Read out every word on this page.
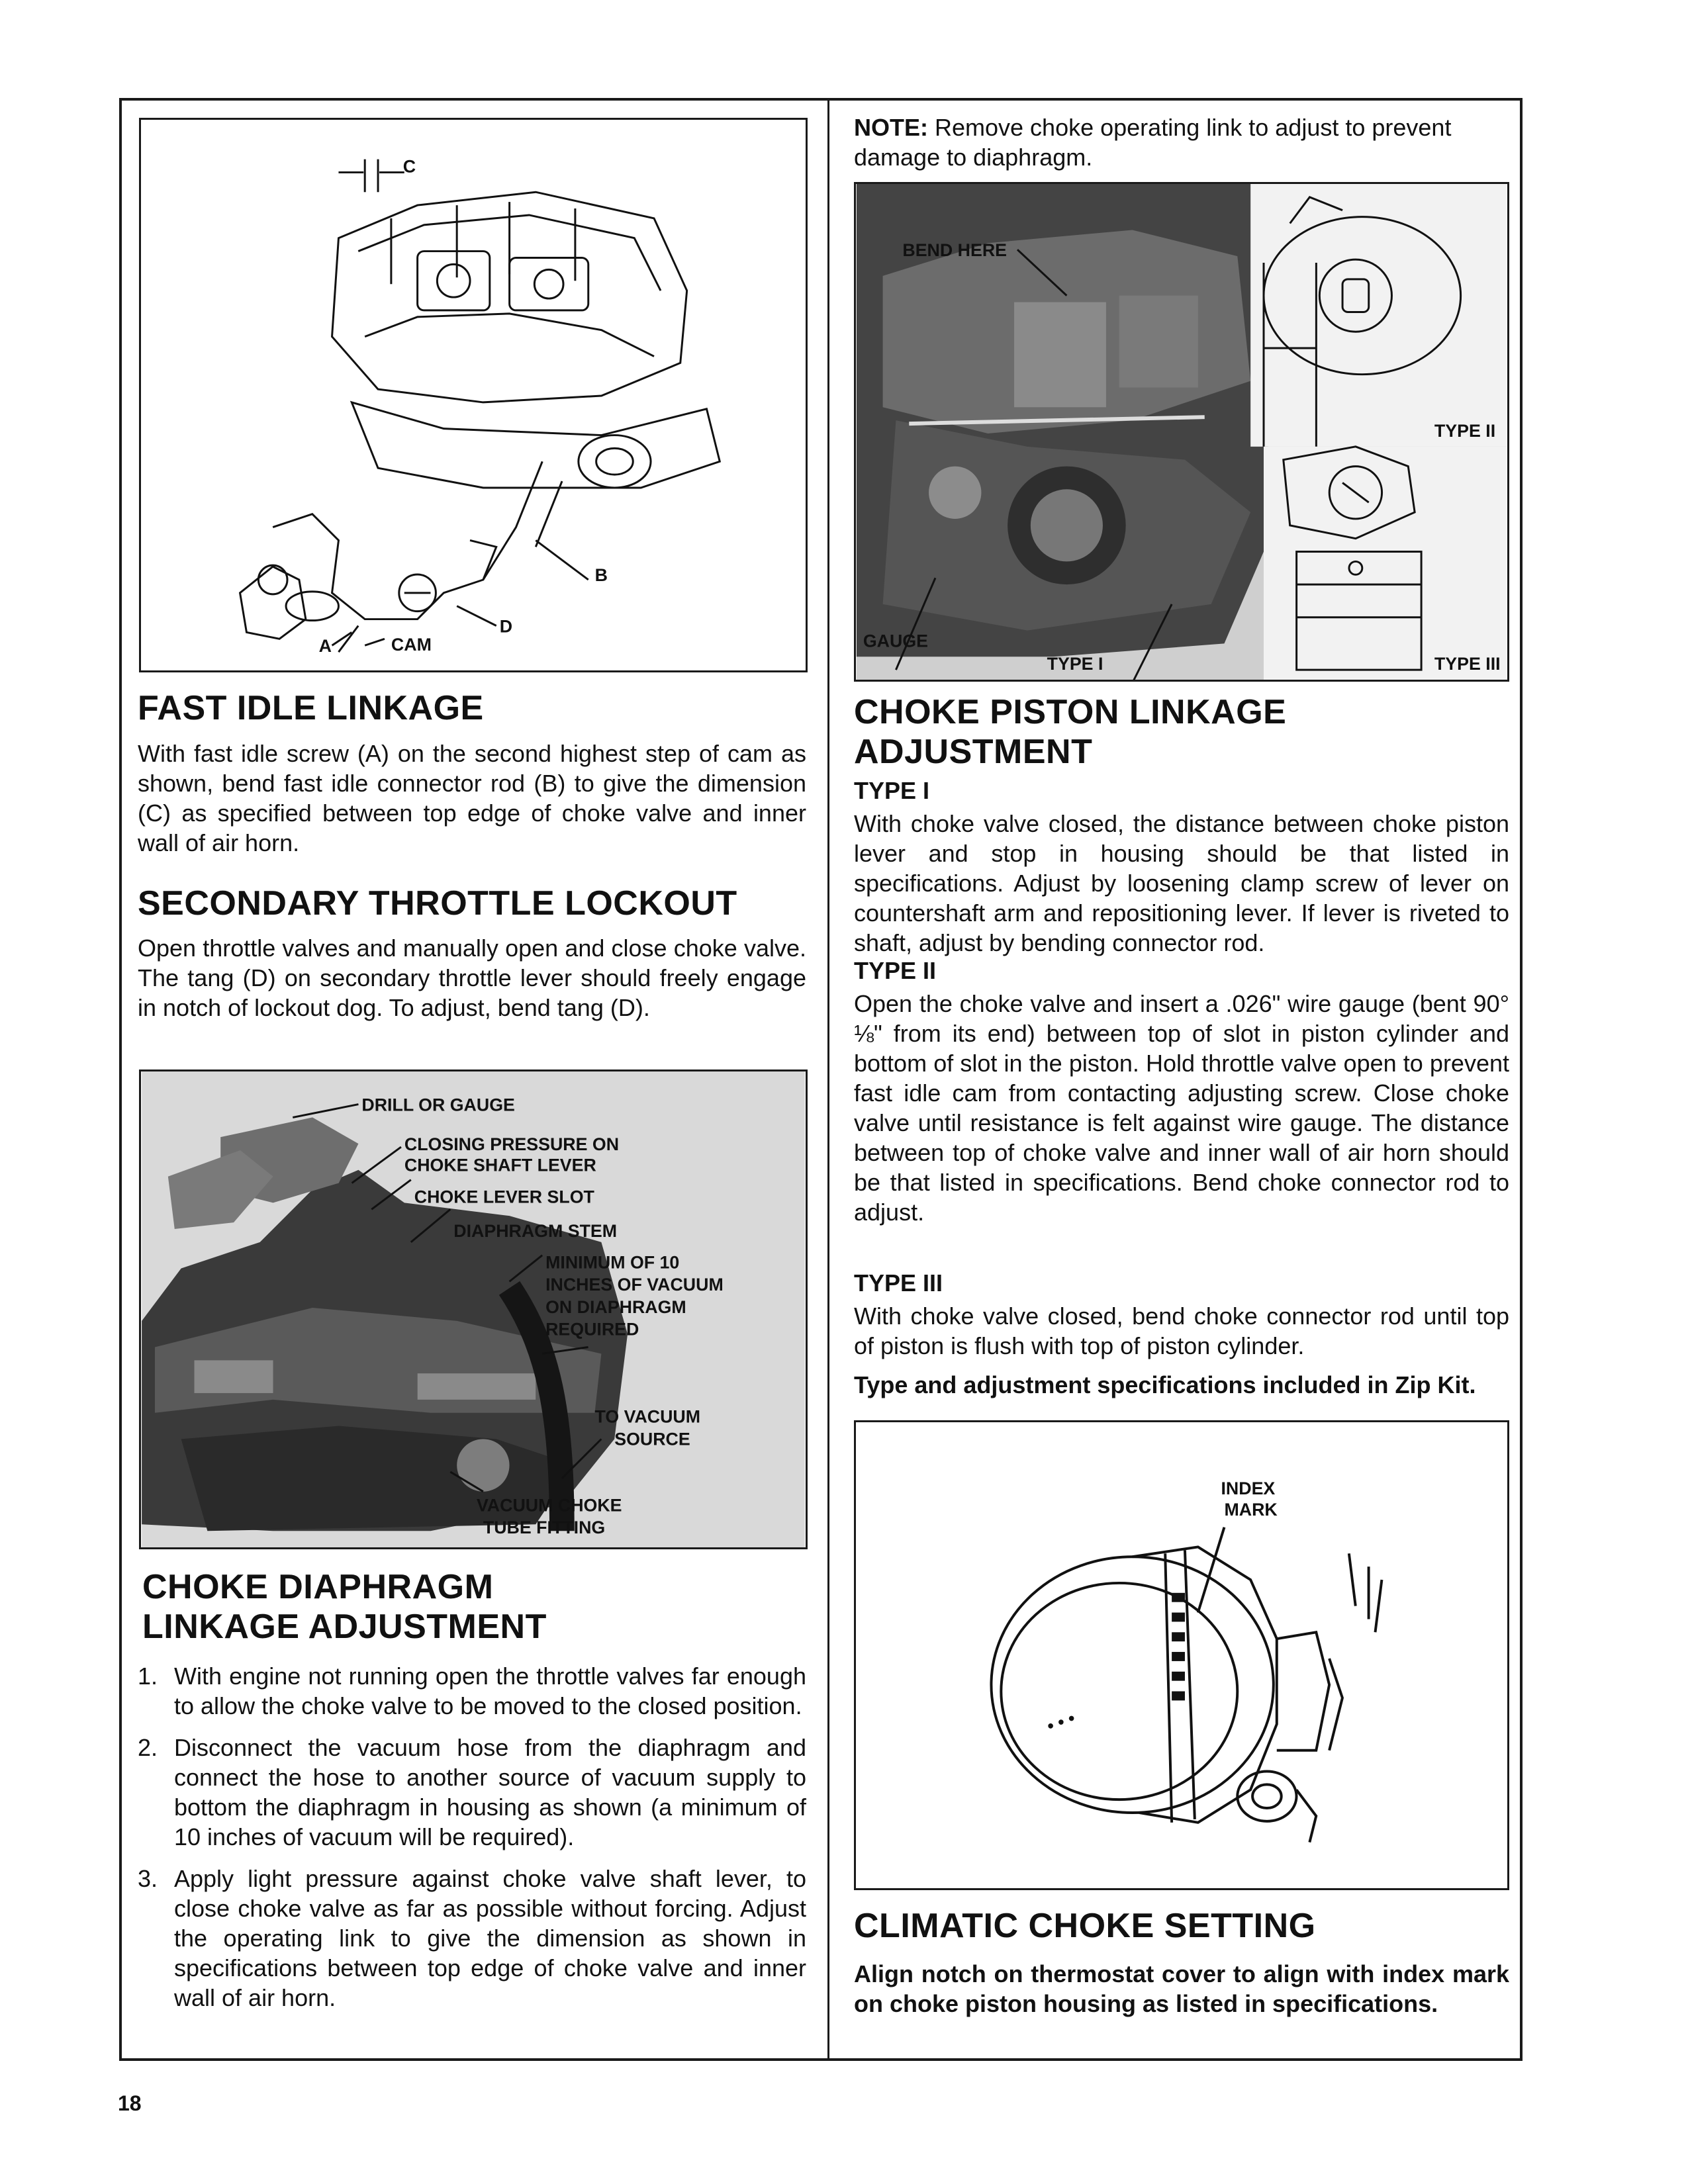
C
B
D
A	CAM
FAST IDLE LINKAGE

With fast idle screw (A) on the second highest step of cam as shown, bend fast idle connector rod (B) to give the dimension (C) as specified between top edge of choke valve and inner wall of air horn.

SECONDARY THROTTLE LOCKOUT

Open throttle valves and manually open and close choke valve. The tang (D) on secondary throttle lever should freely engage in notch of lockout dog. To adjust, bend tang (D).

DRILL OR GAUGE
CLOSING PRESSURE ON
CHOKE SHAFT LEVER
CHOKE LEVER SLOT
DIAPHRAGM STEM
MINIMUM OF 10
INCHES OF VACUUM
ON DIAPHRAGM
REQUIRED
TO VACUUM
SOURCE
VACUUM CHOKE
TUBE FITTING
CHOKE DIAPHRAGM
LINKAGE ADJUSTMENT
1. With engine not running open the throttle valves far enough to allow the choke valve to be moved to the closed position.
2. Disconnect the vacuum hose from the diaphragm and connect the hose to another source of vacuum supply to bottom the diaphragm in housing as shown (a minimum of 10 inches of vacuum will be required).
3. Apply light pressure against choke valve shaft lever, to close choke valve as far as possible without forcing. Adjust the operating link to give the dimension as shown in specifications between top edge of choke valve and inner wall of air horn.

NOTE: Remove choke operating link to adjust to prevent damage to diaphragm.

BEND HERE
TYPE II
GAUGE
TYPE I	TYPE III
CHOKE PISTON LINKAGE
ADJUSTMENT
TYPE I

With choke valve closed, the distance between choke piston lever and stop in housing should be that listed in specifications. Adjust by loosening clamp screw of lever on countershaft arm and repositioning lever. If lever is riveted to shaft, adjust by bending connector rod.

TYPE II

Open the choke valve and insert a .026" wire gauge (bent 90° ⅛" from its end) between top of slot in piston cylinder and bottom of slot in the piston. Hold throttle valve open to prevent fast idle cam from contacting adjusting screw. Close choke valve until resistance is felt against wire gauge. The distance between top of choke valve and inner wall of air horn should be that listed in specifications. Bend choke connector rod to adjust.

TYPE III

With choke valve closed, bend choke connector rod until top of piston is flush with top of piston cylinder.

Type and adjustment specifications included in Zip Kit.

• • •
INDEX
MARK
CLIMATIC CHOKE SETTING

Align notch on thermostat cover to align with index mark on choke piston housing as listed in specifications.

18
